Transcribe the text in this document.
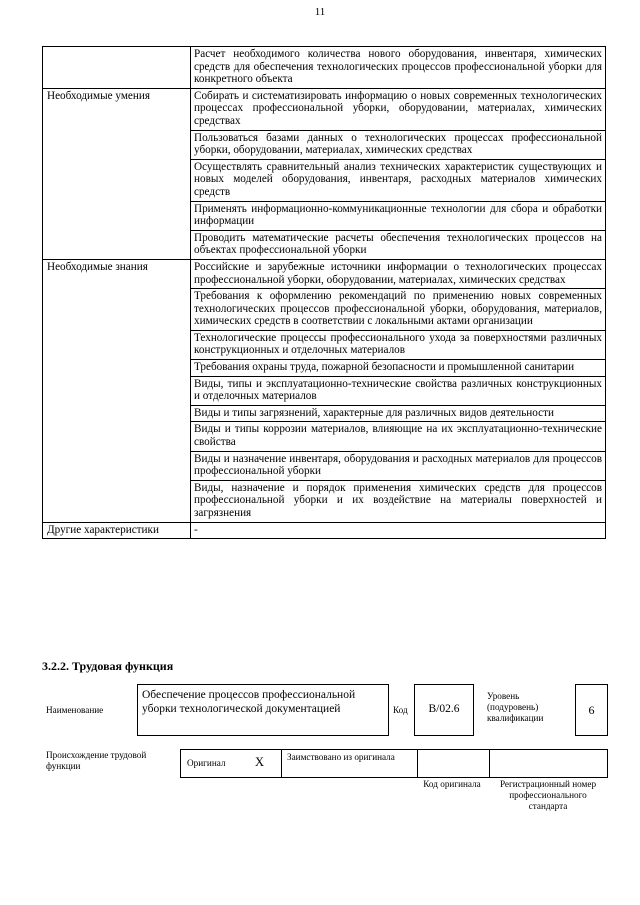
11
	Расчет необходимого количества нового оборудования, инвентаря, химических средств для обеспечения технологических процессов профессиональной уборки для конкретного объекта
Необходимые умения	Собирать и систематизировать информацию о новых современных технологических процессах профессиональной уборки, оборудовании, материалах, химических средствах
	Пользоваться базами данных о технологических процессах профессиональной уборки, оборудовании, материалах, химических средствах
	Осуществлять сравнительный анализ технических характеристик существующих и новых моделей оборудования, инвентаря, расходных материалов химических средств
	Применять информационно-коммуникационные технологии для сбора и обработки информации
	Проводить математические расчеты обеспечения технологических процессов на объектах профессиональной уборки
Необходимые знания	Российские и зарубежные источники информации о технологических процессах профессиональной уборки, оборудовании, материалах, химических средствах
	Требования к оформлению рекомендаций по применению новых современных технологических процессов профессиональной уборки, оборудования, материалов, химических средств в соответствии с локальными актами организации
	Технологические процессы профессионального ухода за поверхностями различных конструкционных и отделочных материалов
	Требования охраны труда, пожарной безопасности и промышленной санитарии
	Виды, типы и эксплуатационно-технические свойства различных конструкционных и отделочных материалов
	Виды и типы загрязнений, характерные для различных видов деятельности
	Виды и типы коррозии материалов, влияющие на их эксплуатационно-технические свойства
	Виды и назначение инвентаря, оборудования и расходных материалов для процессов профессиональной уборки
	Виды, назначение и порядок применения химических средств для процессов профессиональной уборки и их воздействие на материалы поверхностей и загрязнения
Другие характеристики	-
3.2.2. Трудовая функция
Наименование
Обеспечение процессов профессиональной уборки технологической документацией	Код	В/02.6
Уровень (подуровень) квалификации
6
Происхождение трудовой функции	Оригинал X Заимствовано из оригинала
Код оригинала	Регистрационный номер профессионального стандарта
